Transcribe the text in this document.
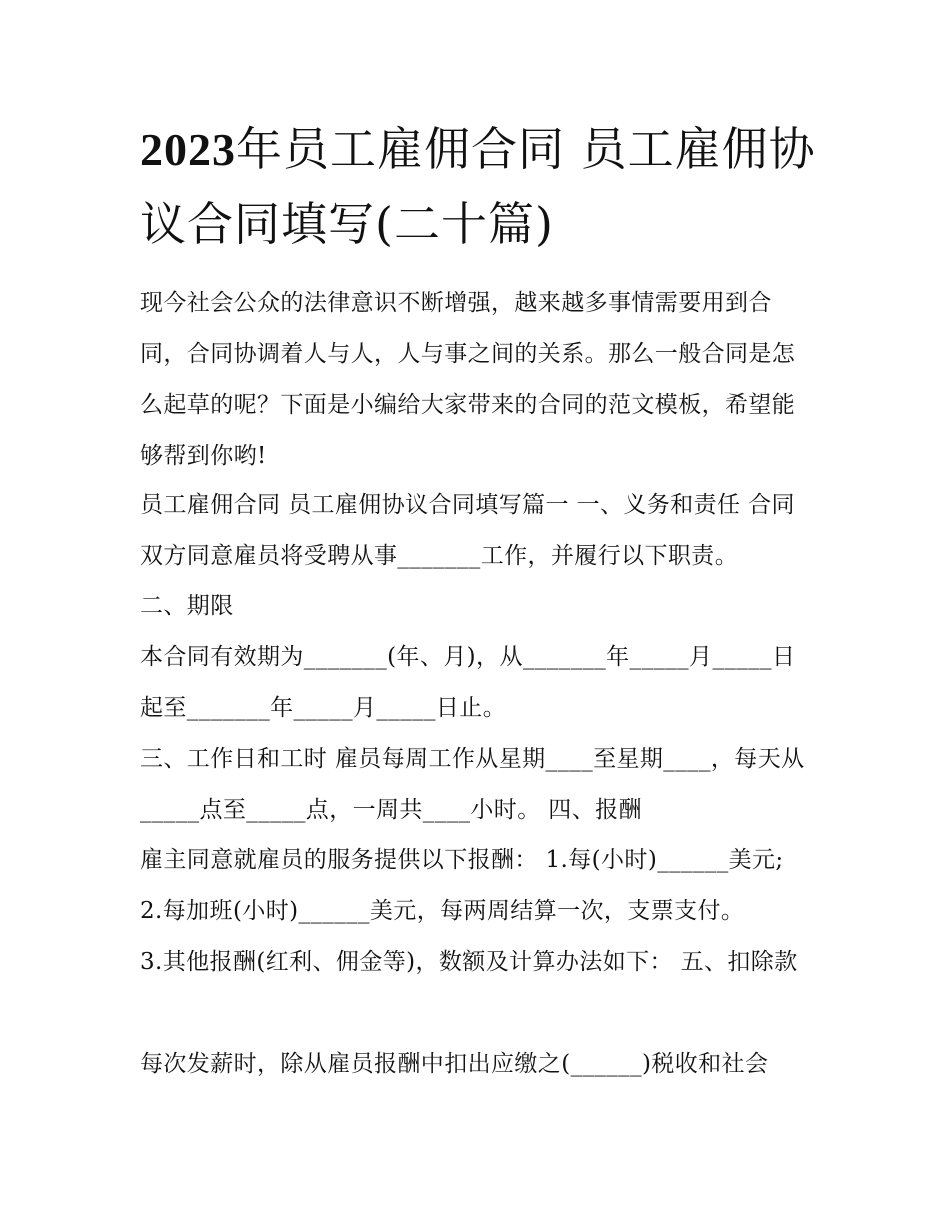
2023年员工雇佣合同 员工雇佣协议合同填写(二十篇)

现今社会公众的法律意识不断增强，越来越多事情需要用到合同，合同协调着人与人，人与事之间的关系。那么一般合同是怎么起草的呢？下面是小编给大家带来的合同的范文模板，希望能够帮到你哟!

员工雇佣合同 员工雇佣协议合同填写篇一 一、义务和责任 合同双方同意雇员将受聘从事_______工作，并履行以下职责。

二、期限

本合同有效期为_______(年、月)，从_______年_____月_____日起至_______年_____月_____日止。

三、工作日和工时 雇员每周工作从星期____至星期____，每天从_____点至_____点，一周共____小时。 四、报酬

雇主同意就雇员的服务提供以下报酬： 1.每(小时)______美元;

2.每加班(小时)______美元，每两周结算一次，支票支付。

3.其他报酬(红利、佣金等)，数额及计算办法如下： 五、扣除款

每次发薪时，除从雇员报酬中扣出应缴之(______)税收和社会
